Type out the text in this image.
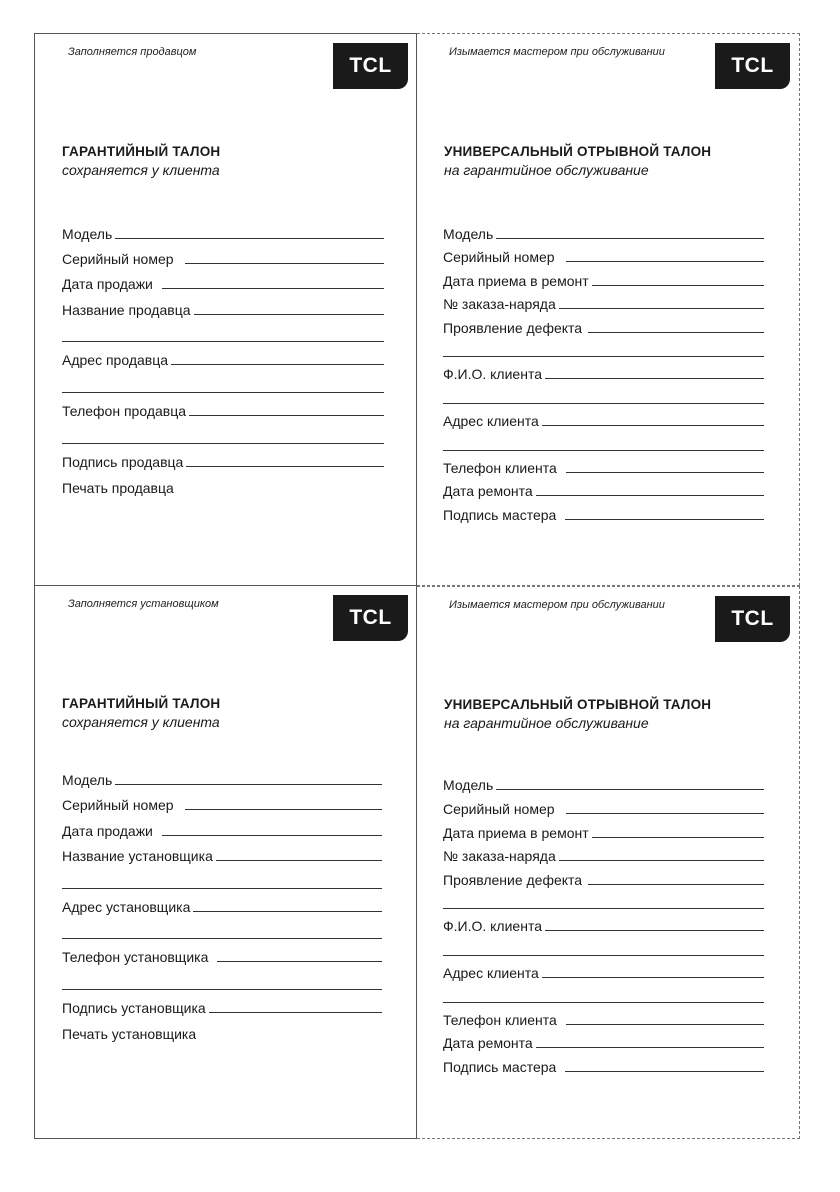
Заполняется продавцом
TCL
ГАРАНТИЙНЫЙ ТАЛОН
сохраняется у клиента
Модель
Серийный номер
Дата продажи
Название продавца
Адрес продавца
Телефон продавца
Подпись продавца
Печать продавца
Изымается мастером при обслуживании
TCL
УНИВЕРСАЛЬНЫЙ ОТРЫВНОЙ ТАЛОН
на гарантийное обслуживание
Модель
Серийный номер
Дата приема в ремонт
№ заказа-наряда
Проявление дефекта
Ф.И.О. клиента
Адрес клиента
Телефон клиента
Дата ремонта
Подпись мастера
Заполняется установщиком
TCL
ГАРАНТИЙНЫЙ ТАЛОН
сохраняется у клиента
Модель
Серийный номер
Дата продажи
Название установщика
Адрес установщика
Телефон установщика
Подпись установщика
Печать установщика
Изымается мастером при обслуживании
TCL
УНИВЕРСАЛЬНЫЙ ОТРЫВНОЙ ТАЛОН
на гарантийное обслуживание
Модель
Серийный номер
Дата приема в ремонт
№ заказа-наряда
Проявление дефекта
Ф.И.О. клиента
Адрес клиента
Телефон клиента
Дата ремонта
Подпись мастера
